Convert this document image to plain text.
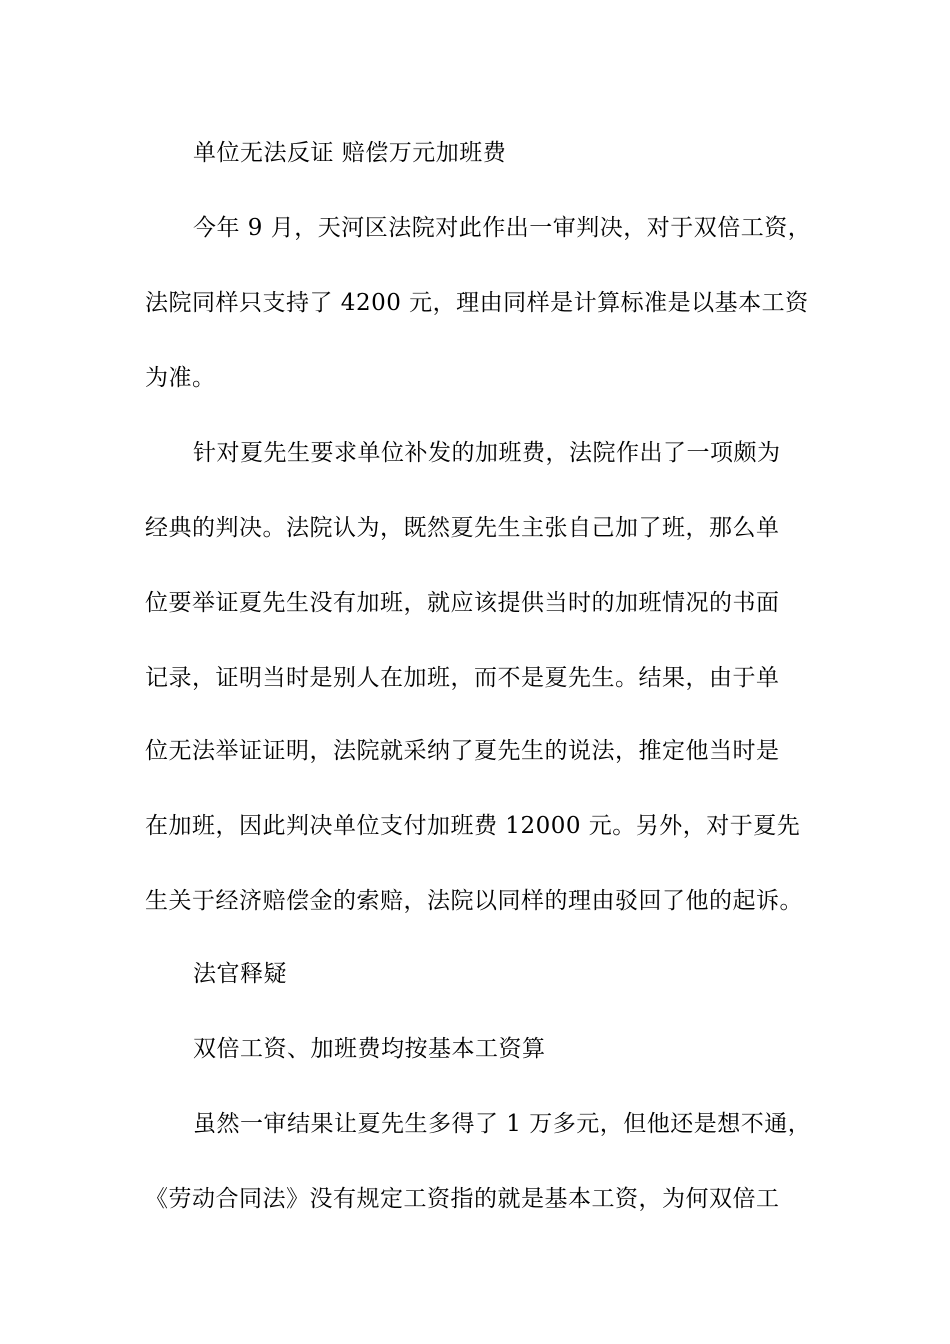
单位无法反证 赔偿万元加班费
今年 9 月，天河区法院对此作出一审判决，对于双倍工资，
法院同样只支持了 4200 元，理由同样是计算标准是以基本工资
为准。
针对夏先生要求单位补发的加班费，法院作出了一项颇为
经典的判决。法院认为，既然夏先生主张自己加了班，那么单
位要举证夏先生没有加班，就应该提供当时的加班情况的书面
记录，证明当时是别人在加班，而不是夏先生。结果，由于单
位无法举证证明，法院就采纳了夏先生的说法，推定他当时是
在加班，因此判决单位支付加班费 12000 元。另外，对于夏先
生关于经济赔偿金的索赔，法院以同样的理由驳回了他的起诉。
法官释疑
双倍工资、加班费均按基本工资算
虽然一审结果让夏先生多得了 1 万多元，但他还是想不通，
《劳动合同法》没有规定工资指的就是基本工资，为何双倍工
